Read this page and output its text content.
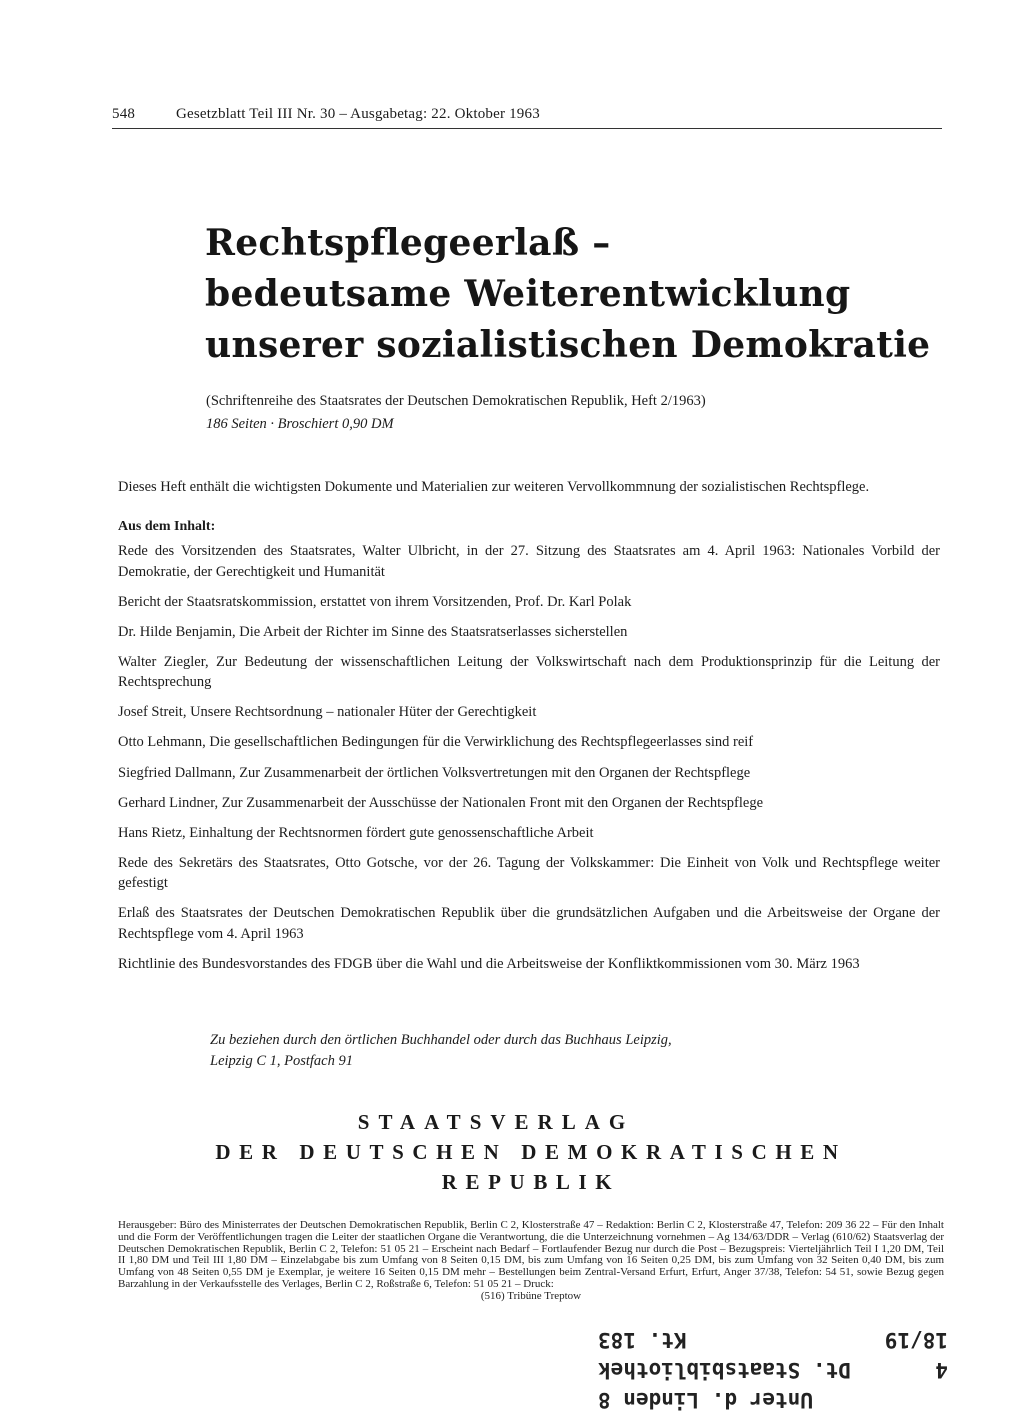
548	Gesetzblatt Teil III Nr. 30 – Ausgabetag: 22. Oktober 1963
Rechtspflegeerlaß –
bedeutsame Weiterentwicklung
unserer sozialistischen Demokratie
(Schriftenreihe des Staatsrates der Deutschen Demokratischen Republik, Heft 2/1963)
186 Seiten · Broschiert 0,90 DM

Dieses Heft enthält die wichtigsten Dokumente und Materialien zur weiteren Vervollkommnung der sozialistischen Rechtspflege.

Aus dem Inhalt:
Rede des Vorsitzenden des Staatsrates, Walter Ulbricht, in der 27. Sitzung des Staatsrates am 4. April 1963: Nationales Vorbild der Demokratie, der Gerechtigkeit und Humanität
Bericht der Staatsratskommission, erstattet von ihrem Vorsitzenden, Prof. Dr. Karl Polak
Dr. Hilde Benjamin, Die Arbeit der Richter im Sinne des Staatsratserlasses sicherstellen
Walter Ziegler, Zur Bedeutung der wissenschaftlichen Leitung der Volkswirtschaft nach dem Produktionsprinzip für die Leitung der Rechtsprechung
Josef Streit, Unsere Rechtsordnung – nationaler Hüter der Gerechtigkeit
Otto Lehmann, Die gesellschaftlichen Bedingungen für die Verwirklichung des Rechtspflegeerlasses sind reif
Siegfried Dallmann, Zur Zusammenarbeit der örtlichen Volksvertretungen mit den Organen der Rechtspflege
Gerhard Lindner, Zur Zusammenarbeit der Ausschüsse der Nationalen Front mit den Organen der Rechtspflege
Hans Rietz, Einhaltung der Rechtsnormen fördert gute genossenschaftliche Arbeit
Rede des Sekretärs des Staatsrates, Otto Gotsche, vor der 26. Tagung der Volkskammer: Die Einheit von Volk und Rechtspflege weiter gefestigt
Erlaß des Staatsrates der Deutschen Demokratischen Republik über die grundsätzlichen Aufgaben und die Arbeitsweise der Organe der Rechtspflege vom 4. April 1963
Richtlinie des Bundesvorstandes des FDGB über die Wahl und die Arbeitsweise der Konfliktkommissionen vom 30. März 1963
Zu beziehen durch den örtlichen Buchhandel oder durch das Buchhaus Leipzig,
Leipzig C 1, Postfach 91
STAATSVERLAG
DER DEUTSCHEN DEMOKRATISCHEN REPUBLIK
Herausgeber: Büro des Ministerrates der Deutschen Demokratischen Republik, Berlin C 2, Klosterstraße 47 – Redaktion: Berlin C 2, Klosterstraße 47, Telefon: 209 36 22 – Für den Inhalt und die Form der Veröffentlichungen tragen die Leiter der staatlichen Organe die Verantwortung, die die Unterzeichnung vornehmen – Ag 134/63/DDR – Verlag (610/62) Staatsverlag der Deutschen Demokratischen Republik, Berlin C 2, Telefon: 51 05 21 – Erscheint nach Bedarf – Fortlaufender Bezug nur durch die Post – Bezugspreis: Vierteljährlich Teil I 1,20 DM, Teil II 1,80 DM und Teil III 1,80 DM – Einzelabgabe bis zum Umfang von 8 Seiten 0,15 DM, bis zum Umfang von 16 Seiten 0,25 DM, bis zum Umfang von 32 Seiten 0,40 DM, bis zum Umfang von 48 Seiten 0,55 DM je Exemplar, je weitere 16 Seiten 0,15 DM mehr – Bestellungen beim Zentral-Versand Erfurt, Erfurt, Anger 37/38, Telefon: 54 51, sowie Bezug gegen Barzahlung in der Verkaufsstelle des Verlages, Berlin C 2, Roßstraße 6, Telefon: 51 05 21 – Druck:
(516) Tribüne Treptow
Unter d. Linden 8
4
Dt. Staatsbibliothek
18/19
Kt. 183
